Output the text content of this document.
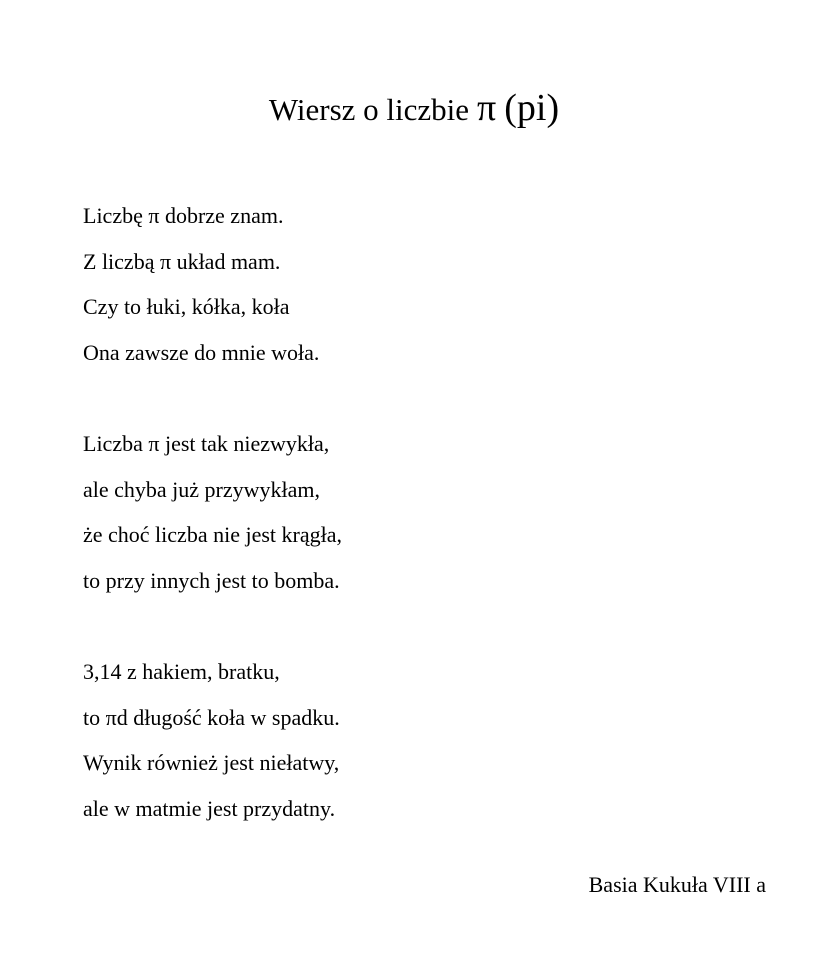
Wiersz o liczbie π (pi)
Liczbę π dobrze znam.
Z liczbą π układ mam.
Czy to łuki, kółka, koła
Ona zawsze do mnie woła.
Liczba π jest tak niezwykła,
ale chyba już przywykłam,
że choć liczba nie jest krągła,
to przy innych jest to bomba.
3,14 z hakiem, bratku,
to πd długość koła w spadku.
Wynik również jest niełatwy,
ale w matmie jest przydatny.
Basia Kukuła VIII a
